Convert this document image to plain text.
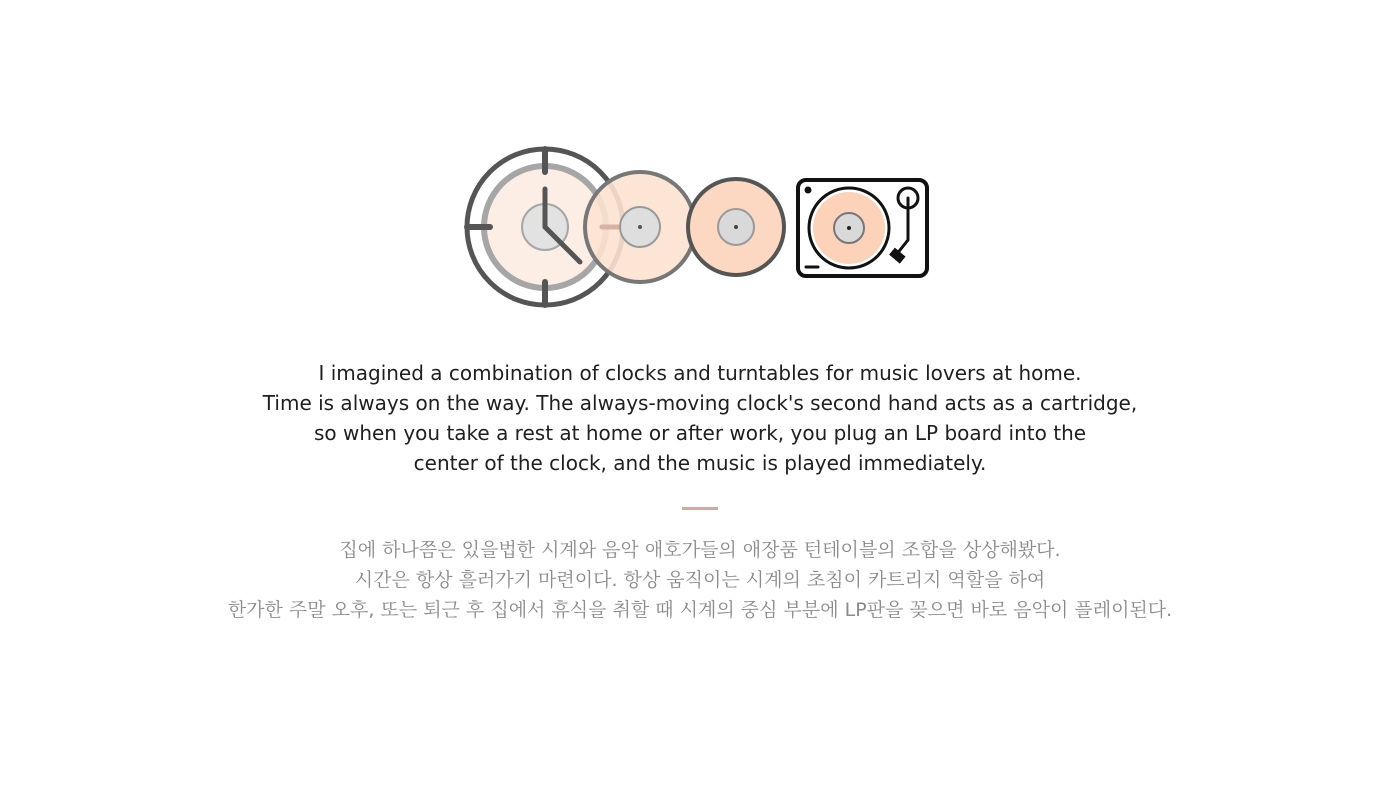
I imagined a combination of clocks and turntables for music lovers at home.
Time is always on the way. The always-moving clock's second hand acts as a cartridge,
so when you take a rest at home or after work, you plug an LP board into the
center of the clock, and the music is played immediately.

집에 하나쯤은 있을법한 시계와 음악 애호가들의 애장품 턴테이블의 조합을 상상해봤다.
시간은 항상 흘러가기 마련이다. 항상 움직이는 시계의 초침이 카트리지 역할을 하여
한가한 주말 오후, 또는 퇴근 후 집에서 휴식을 취할 때 시계의 중심 부분에 LP판을 꽂으면 바로 음악이 플레이된다.
